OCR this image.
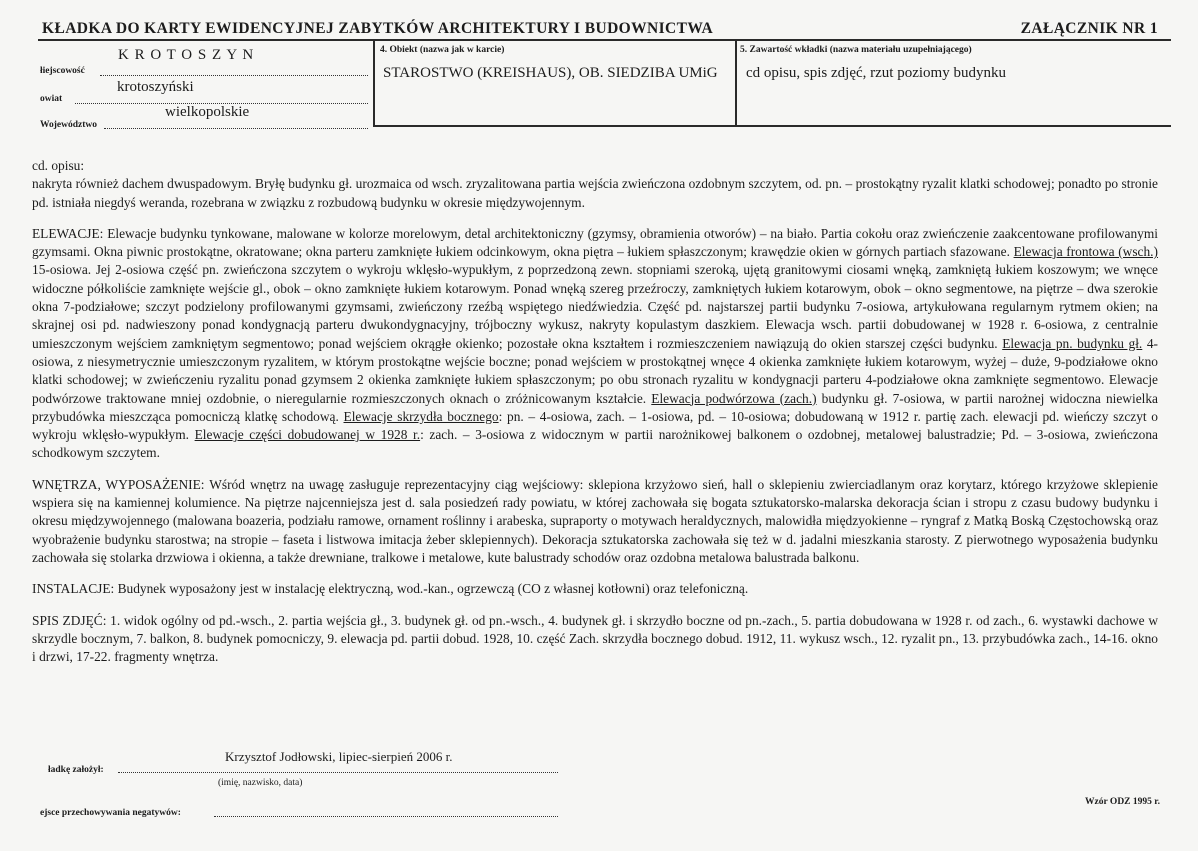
KŁADKA DO KARTY EWIDENCYJNEJ ZABYTKÓW ARCHITEKTURY I BUDOWNICTWA	ZAŁĄCZNIK NR 1
K R O T O S Z Y N
łiejscowość
krotoszyński
owiat
wielkopolskie
Województwo
4. Obiekt (nazwa jak w karcie)
STAROSTWO (KREISHAUS), OB. SIEDZIBA UMiG
5. Zawartość wkładki (nazwa materiału uzupełniającego)
cd opisu, spis zdjęć, rzut poziomy budynku

cd. opisu:
nakryta również dachem dwuspadowym. Bryłę budynku gł. urozmaica od wsch. zryzalitowana partia wejścia zwieńczona ozdobnym szczytem, od. pn. – prostokątny ryzalit klatki schodowej; ponadto po stronie pd. istniała niegdyś weranda, rozebrana w związku z rozbudową budynku w okresie międzywojennym.

ELEWACJE: Elewacje budynku tynkowane, malowane w kolorze morelowym, detal architektoniczny (gzymsy, obramienia otworów) – na biało. Partia cokołu oraz zwieńczenie zaakcentowane profilowanymi gzymsami. Okna piwnic prostokątne, okratowane; okna parteru zamknięte łukiem odcinkowym, okna piętra – łukiem spłaszczonym; krawędzie okien w górnych partiach sfazowane. Elewacja frontowa (wsch.) 15-osiowa. Jej 2-osiowa część pn. zwieńczona szczytem o wykroju wklęsło-wypukłym, z poprzedzoną zewn. stopniami szeroką, ujętą granitowymi ciosami wnęką, zamkniętą łukiem koszowym; we wnęce widoczne półkoliście zamknięte wejście gl., obok – okno zamknięte łukiem kotarowym. Ponad wnęką szereg przeźroczy, zamkniętych łukiem kotarowym, obok – okno segmentowe, na piętrze – dwa szerokie okna 7-podziałowe; szczyt podzielony profilowanymi gzymsami, zwieńczony rzeźbą wspiętego niedźwiedzia. Część pd. najstarszej partii budynku 7-osiowa, artykułowana regularnym rytmem okien; na skrajnej osi pd. nadwieszony ponad kondygnacją parteru dwukondygnacyjny, trójboczny wykusz, nakryty kopulastym daszkiem. Elewacja wsch. partii dobudowanej w 1928 r. 6-osiowa, z centralnie umieszczonym wejściem zamkniętym segmentowo; ponad wejściem okrągłe okienko; pozostałe okna kształtem i rozmieszczeniem nawiązują do okien starszej części budynku. Elewacja pn. budynku gł. 4-osiowa, z niesymetrycznie umieszczonym ryzalitem, w którym prostokątne wejście boczne; ponad wejściem w prostokątnej wnęce 4 okienka zamknięte łukiem kotarowym, wyżej – duże, 9-podziałowe okno klatki schodowej; w zwieńczeniu ryzalitu ponad gzymsem 2 okienka zamknięte łukiem spłaszczonym; po obu stronach ryzalitu w kondygnacji parteru 4-podziałowe okna zamknięte segmentowo. Elewacje podwórzowe traktowane mniej ozdobnie, o nieregularnie rozmieszczonych oknach o zróżnicowanym kształcie. Elewacja podwórzowa (zach.) budynku gł. 7-osiowa, w partii narożnej widoczna niewielka przybudówka mieszcząca pomocniczą klatkę schodową. Elewacje skrzydła bocznego: pn. – 4-osiowa, zach. – 1-osiowa, pd. – 10-osiowa; dobudowaną w 1912 r. partię zach. elewacji pd. wieńczy szczyt o wykroju wklęsło-wypukłym. Elewacje części dobudowanej w 1928 r.: zach. – 3-osiowa z widocznym w partii narożnikowej balkonem o ozdobnej, metalowej balustradzie; Pd. – 3-osiowa, zwieńczona schodkowym szczytem.

WNĘTRZA, WYPOSAŻENIE: Wśród wnętrz na uwagę zasługuje reprezentacyjny ciąg wejściowy: sklepiona krzyżowo sień, hall o sklepieniu zwierciadlanym oraz korytarz, którego krzyżowe sklepienie wspiera się na kamiennej kolumience. Na piętrze najcenniejsza jest d. sala posiedzeń rady powiatu, w której zachowała się bogata sztukatorsko-malarska dekoracja ścian i stropu z czasu budowy budynku i okresu międzywojennego (malowana boazeria, podziału ramowe, ornament roślinny i arabeska, supraporty o motywach heraldycznych, malowidła międzyokienne – ryngraf z Matką Boską Częstochowską oraz wyobrażenie budynku starostwa; na stropie – faseta i listwowa imitacja żeber sklepiennych). Dekoracja sztukatorska zachowała się też w d. jadalni mieszkania starosty. Z pierwotnego wyposażenia budynku zachowała się stolarka drzwiowa i okienna, a także drewniane, tralkowe i metalowe, kute balustrady schodów oraz ozdobna metalowa balustrada balkonu.

INSTALACJE: Budynek wyposażony jest w instalację elektryczną, wod.-kan., ogrzewczą (CO z własnej kotłowni) oraz telefoniczną.

SPIS ZDJĘĆ: 1. widok ogólny od pd.-wsch., 2. partia wejścia gł., 3. budynek gł. od pn.-wsch., 4. budynek gł. i skrzydło boczne od pn.-zach., 5. partia dobudowana w 1928 r. od zach., 6. wystawki dachowe w skrzydle bocznym, 7. balkon, 8. budynek pomocniczy, 9. elewacja pd. partii dobud. 1928, 10. część Zach. skrzydła bocznego dobud. 1912, 11. wykusz wsch., 12. ryzalit pn., 13. przybudówka zach., 14-16. okno i drzwi, 17-22. fragmenty wnętrza.

ładkę założył:
Krzysztof Jodłowski, lipiec-sierpień 2006 r.
(imię, nazwisko, data)
ejsce przechowywania negatywów:
Wzór ODZ 1995 r.
